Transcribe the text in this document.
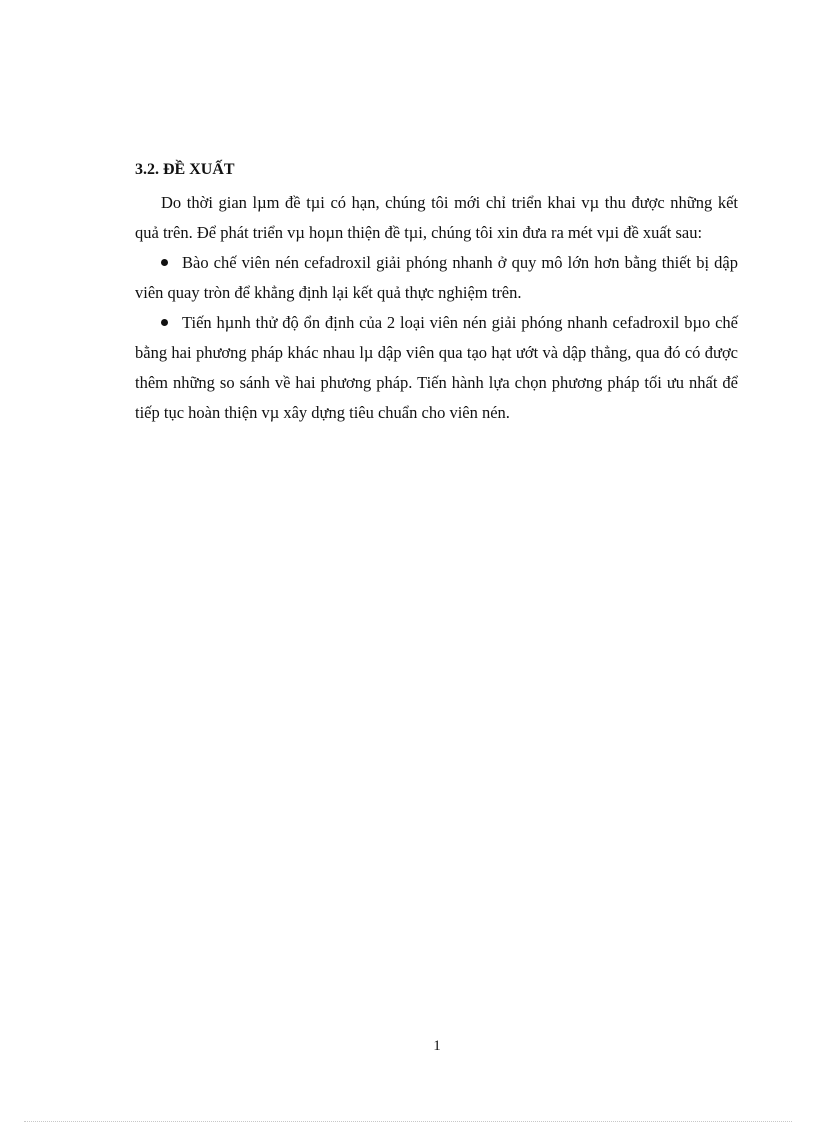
3.2. ĐỀ XUẤT

Do thời gian lµm đề tµi có hạn, chúng tôi mới chỉ triển khai vµ thu được những kết quả trên. Để phát triển vµ hoµn thiện đề tµi, chúng tôi xin đưa ra mét vµi đề xuất sau:

Bào chế viên nén cefadroxil giải phóng nhanh ở quy mô lớn hơn bằng thiết bị dập viên quay tròn để khẳng định lại kết quả thực nghiệm trên.

Tiến hµnh thử độ ổn định của 2 loại viên nén giải phóng nhanh cefadroxil bµo chế bằng hai phương pháp khác nhau lµ dập viên qua tạo hạt ướt và dập thẳng, qua đó có được thêm những so sánh về hai phương pháp. Tiến hành lựa chọn phương pháp tối ưu nhất để tiếp tục hoàn thiện vµ xây dựng tiêu chuẩn cho viên nén.

1
